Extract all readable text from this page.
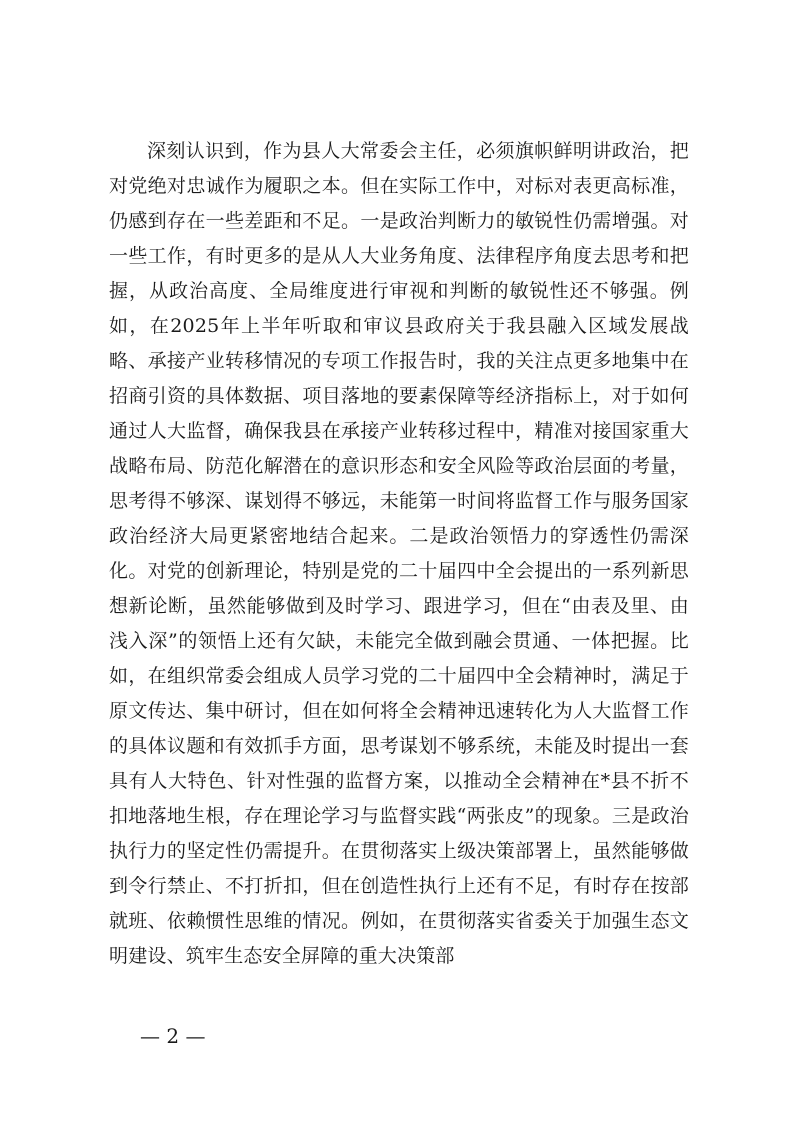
深刻认识到，作为县人大常委会主任，必须旗帜鲜明讲政治，把对党绝对忠诚作为履职之本。但在实际工作中，对标对表更高标准，仍感到存在一些差距和不足。一是政治判断力的敏锐性仍需增强。对一些工作，有时更多的是从人大业务角度、法律程序角度去思考和把握，从政治高度、全局维度进行审视和判断的敏锐性还不够强。例如，在2025年上半年听取和审议县政府关于我县融入区域发展战略、承接产业转移情况的专项工作报告时，我的关注点更多地集中在招商引资的具体数据、项目落地的要素保障等经济指标上，对于如何通过人大监督，确保我县在承接产业转移过程中，精准对接国家重大战略布局、防范化解潜在的意识形态和安全风险等政治层面的考量，思考得不够深、谋划得不够远，未能第一时间将监督工作与服务国家政治经济大局更紧密地结合起来。二是政治领悟力的穿透性仍需深化。对党的创新理论，特别是党的二十届四中全会提出的一系列新思想新论断，虽然能够做到及时学习、跟进学习，但在“由表及里、由浅入深”的领悟上还有欠缺，未能完全做到融会贯通、一体把握。比如，在组织常委会组成人员学习党的二十届四中全会精神时，满足于原文传达、集中研讨，但在如何将全会精神迅速转化为人大监督工作的具体议题和有效抓手方面，思考谋划不够系统，未能及时提出一套具有人大特色、针对性强的监督方案，以推动全会精神在*县不折不扣地落地生根，存在理论学习与监督实践“两张皮”的现象。三是政治执行力的坚定性仍需提升。在贯彻落实上级决策部署上，虽然能够做到令行禁止、不打折扣，但在创造性执行上还有不足，有时存在按部就班、依赖惯性思维的情况。例如，在贯彻落实省委关于加强生态文明建设、筑牢生态安全屏障的重大决策部

— 2 —
